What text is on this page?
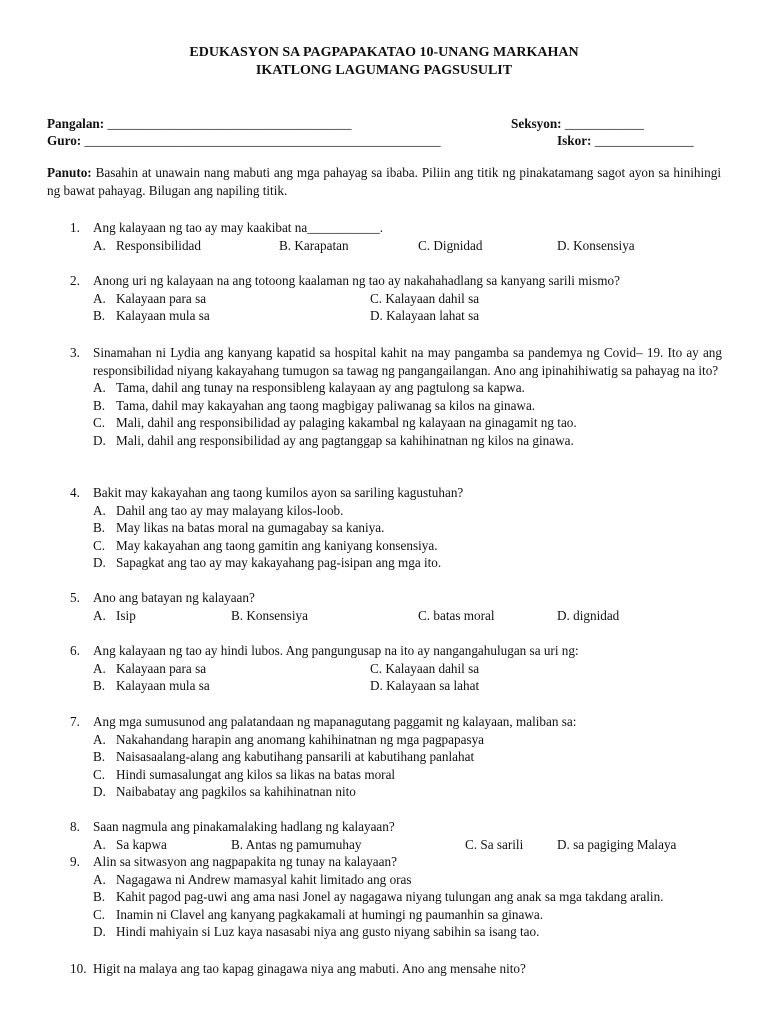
EDUKASYON SA PAGPAPAKATAO 10-UNANG MARKAHAN
IKATLONG LAGUMANG PAGSUSULIT
Pangalan: _____________________________________	Seksyon: ____________
Guro: ______________________________________________________	Iskor: _______________
Panuto: Basahin at unawain nang mabuti ang mga pahayag sa ibaba. Piliin ang titik ng pinakatamang sagot ayon sa hinihingi ng bawat pahayag. Bilugan ang napiling titik.
1. Ang kalayaan ng tao ay may kaakibat na___________.
A. Responsibilidad	B. Karapatan	C. Dignidad	D. Konsensiya
2. Anong uri ng kalayaan na ang totoong kaalaman ng tao ay nakahahadlang sa kanyang sarili mismo?
A. Kalayaan para sa	C. Kalayaan dahil sa
B. Kalayaan mula sa	D. Kalayaan lahat sa
3. Sinamahan ni Lydia ang kanyang kapatid sa hospital kahit na may pangamba sa pandemya ng Covid– 19. Ito ay ang responsibilidad niyang kakayahang tumugon sa tawag ng pangangailangan. Ano ang ipinahihiwatig sa pahayag na ito?
A. Tama, dahil ang tunay na responsibleng kalayaan ay ang pagtulong sa kapwa.
B. Tama, dahil may kakayahan ang taong magbigay paliwanag sa kilos na ginawa.
C. Mali, dahil ang responsibilidad ay palaging kakambal ng kalayaan na ginagamit ng tao.
D. Mali, dahil ang responsibilidad ay ang pagtanggap sa kahihinatnan ng kilos na ginawa.
4. Bakit may kakayahan ang taong kumilos ayon sa sariling kagustuhan?
A. Dahil ang tao ay may malayang kilos-loob.
B. May likas na batas moral na gumagabay sa kaniya.
C. May kakayahan ang taong gamitin ang kaniyang konsensiya.
D. Sapagkat ang tao ay may kakayahang pag-isipan ang mga ito.
5. Ano ang batayan ng kalayaan?
A. Isip	B. Konsensiya	C. batas moral	D. dignidad
6. Ang kalayaan ng tao ay hindi lubos. Ang pangungusap na ito ay nangangahulugan sa uri ng:
A. Kalayaan para sa	C. Kalayaan dahil sa
B. Kalayaan mula sa	D. Kalayaan sa lahat
7. Ang mga sumusunod ang palatandaan ng mapanagutang paggamit ng kalayaan, maliban sa:
A. Nakahandang harapin ang anomang kahihinatnan ng mga pagpapasya
B. Naisasaalang-alang ang kabutihang pansarili at kabutihang panlahat
C. Hindi sumasalungat ang kilos sa likas na batas moral
D. Naibabatay ang pagkilos sa kahihinatnan nito
8. Saan nagmula ang pinakamalaking hadlang ng kalayaan?
A. Sa kapwa	B. Antas ng pamumuhay	C. Sa sarili	D. sa pagiging Malaya
9. Alin sa sitwasyon ang nagpapakita ng tunay na kalayaan?
A. Nagagawa ni Andrew mamasyal kahit limitado ang oras
B. Kahit pagod pag-uwi ang ama nasi Jonel ay nagagawa niyang tulungan ang anak sa mga takdang aralin.
C. Inamin ni Clavel ang kanyang pagkakamali at humingi ng paumanhin sa ginawa.
D. Hindi mahiyain si Luz kaya nasasabi niya ang gusto niyang sabihin sa isang tao.
10. Higit na malaya ang tao kapag ginagawa niya ang mabuti. Ano ang mensahe nito?
